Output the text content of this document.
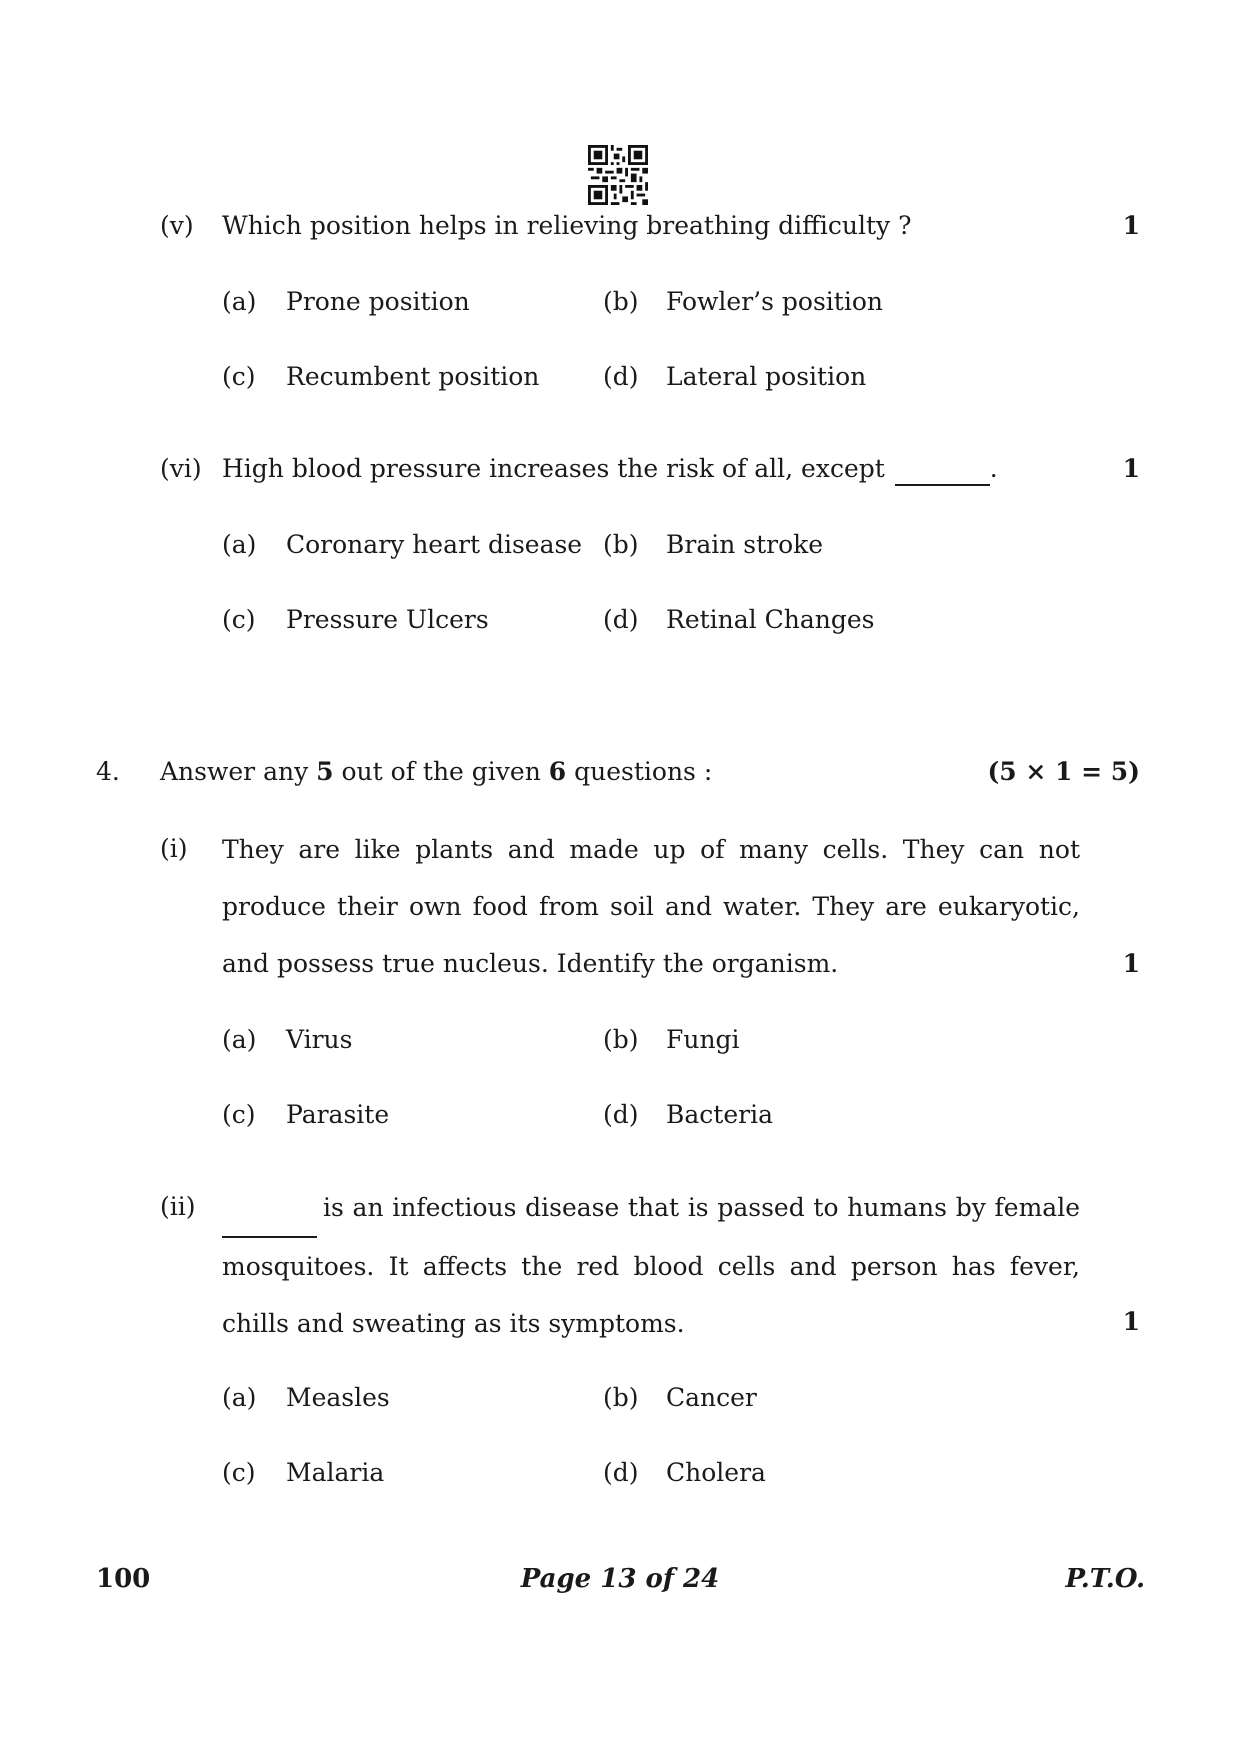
(v) Which position helps in relieving breathing difficulty ?	1
(a) Prone position	(b) Fowler’s position
(c) Recumbent position	(d) Lateral position
(vi) High blood pressure increases the risk of all, except	.	1
(a) Coronary heart disease (b) Brain stroke
(c) Pressure Ulcers	(d) Retinal Changes
4. Answer any 5 out of the given 6 questions :	(5 × 1 = 5)
(i) They are like plants and made up of many cells. They can not produce their own food from soil and water. They are eukaryotic, and possess true nucleus. Identify the organism.	1
(a) Virus	(b) Fungi
(c) Parasite	(d) Bacteria
(ii)	is an infectious disease that is passed to humans by female mosquitoes. It affects the red blood cells and person has fever, chills and sweating as its symptoms.	1
(a) Measles	(b) Cancer
(c) Malaria	(d) Cholera
100	Page 13 of 24	P.T.O.
